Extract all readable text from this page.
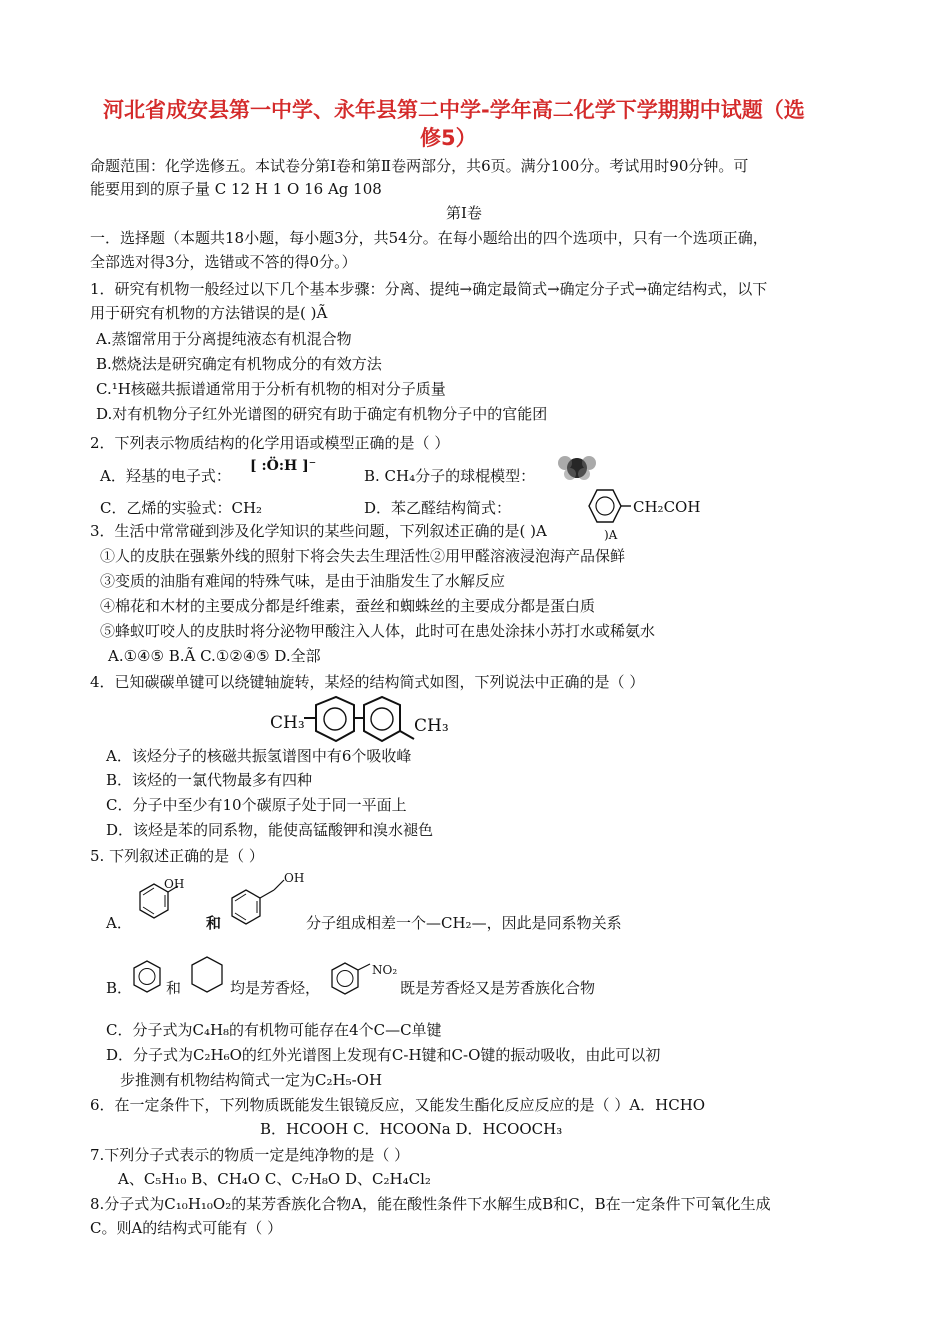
河北省成安县第一中学、永年县第二中学-学年高二化学下学期期中试题（选
修5）
命题范围：化学选修五。本试卷分第Ⅰ卷和第Ⅱ卷两部分，共6页。满分100分。考试用时90分钟。可
能要用到的原子量 C 12 H 1 O 16 Ag 108
第Ⅰ卷
一．选择题（本题共18小题，每小题3分，共54分。在每小题给出的四个选项中，只有一个选项正确，
全部选对得3分，选错或不答的得0分。）
1．研究有机物一般经过以下几个基本步骤：分离、提纯→确定最简式→确定分子式→确定结构式，以下
用于研究有机物的方法错误的是( )Ã
A.蒸馏常用于分离提纯液态有机混合物
B.燃烧法是研究确定有机物成分的有效方法
C.¹H核磁共振谱通常用于分析有机物的相对分子质量
D.对有机物分子红外光谱图的研究有助于确定有机物分子中的官能团
2．下列表示物质结构的化学用语或模型正确的是（ ）
A．羟基的电子式：
[ :Ö:H ]⁻
B. CH₄分子的球棍模型：
C．乙烯的实验式：CH₂	D．苯乙醛结构简式：	CH₂COH
)A
3．生活中常常碰到涉及化学知识的某些问题，下列叙述正确的是( )A
①人的皮肤在强紫外线的照射下将会失去生理活性②用甲醛溶液浸泡海产品保鲜
③变质的油脂有难闻的特殊气味，是由于油脂发生了水解反应
④棉花和木材的主要成分都是纤维素，蚕丝和蜘蛛丝的主要成分都是蛋白质
⑤蜂蚁叮咬人的皮肤时将分泌物甲酸注入人体，此时可在患处涂抹小苏打水或稀氨水
A.①④⑤ B.Ã C.①②④⑤ D.全部
4．已知碳碳单键可以绕键轴旋转，某烃的结构简式如图，下列说法中正确的是（ ）
CH₃	CH₃
A．该烃分子的核磁共振氢谱图中有6个吸收峰
B．该烃的一氯代物最多有四种
C．分子中至少有10个碳原子处于同一平面上
D．该烃是苯的同系物，能使高锰酸钾和溴水褪色
5. 下列叙述正确的是（ ）
A．
OH
和
OH
分子组成相差一个—CH₂—，因此是同系物关系
B． 和	均是芳香烃，
NO₂
既是芳香烃又是芳香族化合物
C．分子式为C₄H₈的有机物可能存在4个C—C单键
D．分子式为C₂H₆O的红外光谱图上发现有C-H键和C-O键的振动吸收，由此可以初
步推测有机物结构简式一定为C₂H₅-OH
6．在一定条件下，下列物质既能发生银镜反应，又能发生酯化反应反应的是（ ）A．HCHO
B．HCOOH C．HCOONa D．HCOOCH₃
7.下列分子式表示的物质一定是纯净物的是（ ）
A、C₅H₁₀ B、CH₄O C、C₇H₈O D、C₂H₄Cl₂
8.分子式为C₁₀H₁₀O₂的某芳香族化合物A，能在酸性条件下水解生成B和C，B在一定条件下可氧化生成
C。则A的结构式可能有（ ）
